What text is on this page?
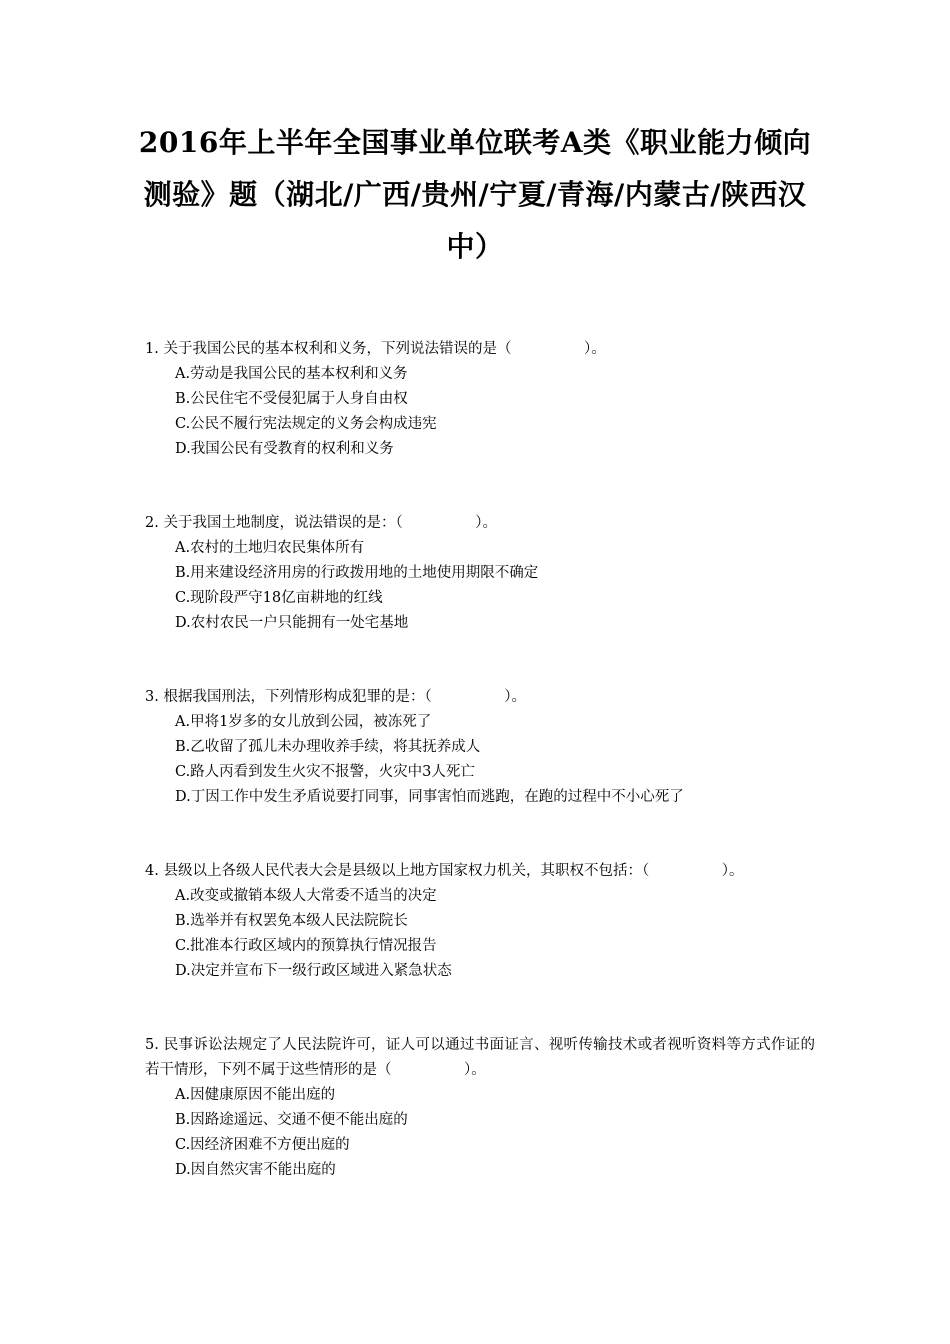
2016年上半年全国事业单位联考A类《职业能力倾向测验》题（湖北/广西/贵州/宁夏/青海/内蒙古/陕西汉中）
1. 关于我国公民的基本权利和义务，下列说法错误的是（　　　　　）。
A.劳动是我国公民的基本权利和义务
B.公民住宅不受侵犯属于人身自由权
C.公民不履行宪法规定的义务会构成违宪
D.我国公民有受教育的权利和义务
2. 关于我国土地制度，说法错误的是：（　　　　　）。
A.农村的土地归农民集体所有
B.用来建设经济用房的行政拨用地的土地使用期限不确定
C.现阶段严守18亿亩耕地的红线
D.农村农民一户只能拥有一处宅基地
3. 根据我国刑法，下列情形构成犯罪的是：（　　　　　）。
A.甲将1岁多的女儿放到公园，被冻死了
B.乙收留了孤儿未办理收养手续，将其抚养成人
C.路人丙看到发生火灾不报警，火灾中3人死亡
D.丁因工作中发生矛盾说要打同事，同事害怕而逃跑，在跑的过程中不小心死了
4. 县级以上各级人民代表大会是县级以上地方国家权力机关，其职权不包括：（　　　　　）。
A.改变或撤销本级人大常委不适当的决定
B.选举并有权罢免本级人民法院院长
C.批准本行政区域内的预算执行情况报告
D.决定并宣布下一级行政区域进入紧急状态
5. 民事诉讼法规定了人民法院许可，证人可以通过书面证言、视听传输技术或者视听资料等方式作证的若干情形，下列不属于这些情形的是（　　　　　）。
A.因健康原因不能出庭的
B.因路途遥远、交通不便不能出庭的
C.因经济困难不方便出庭的
D.因自然灾害不能出庭的
